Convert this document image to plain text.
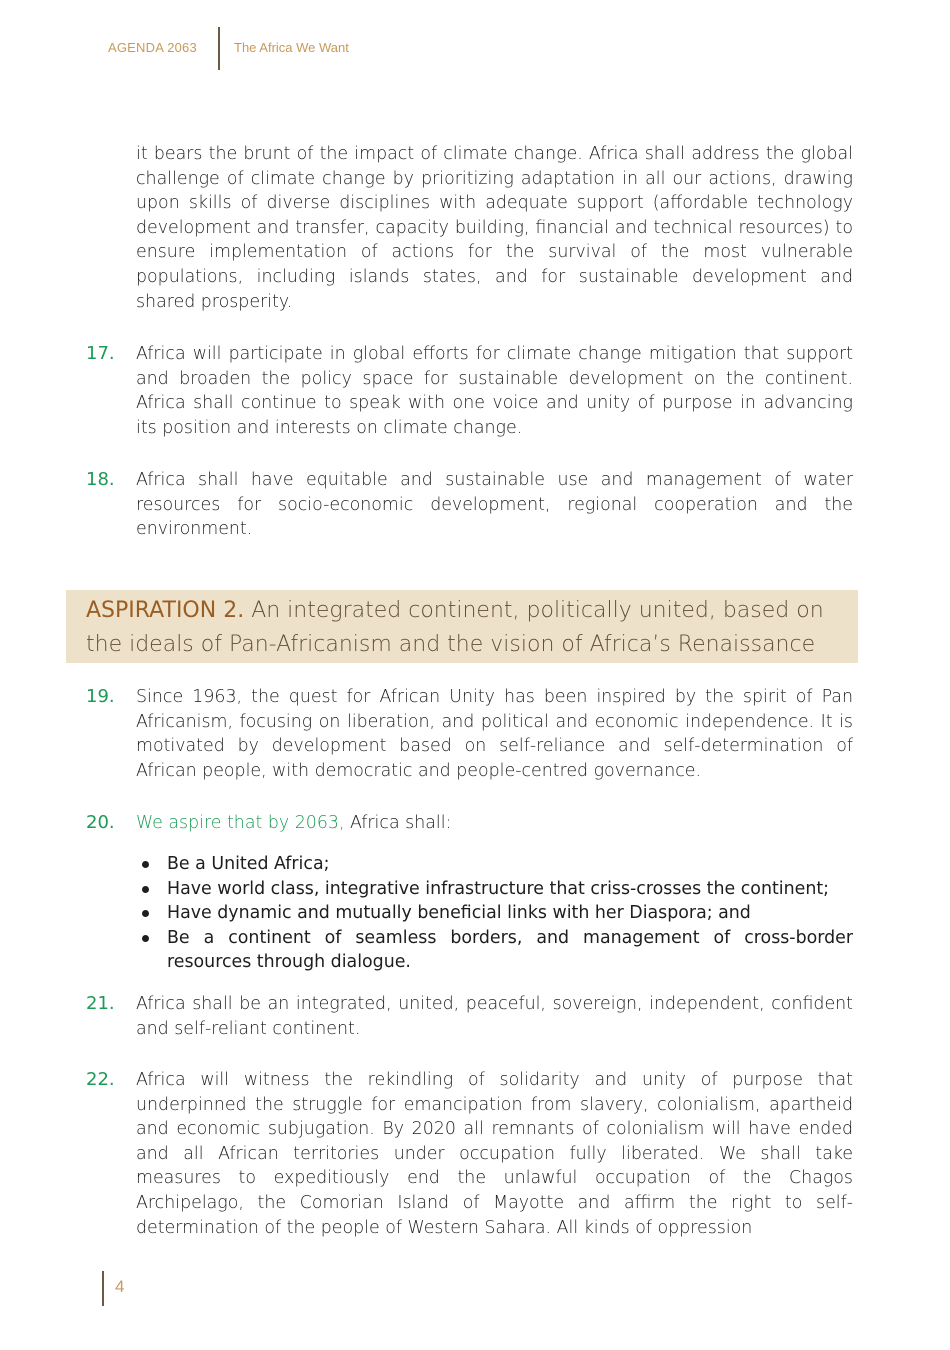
AGENDA 2063	The Africa We Want

it bears the brunt of the impact of climate change. Africa shall address the global challenge of climate change by prioritizing adaptation in all our actions, drawing upon skills of diverse disciplines with adequate support (affordable technology development and transfer, capacity building, financial and technical resources) to ensure implementation of actions for the survival of the most vulnerable populations, including islands states, and for sustainable development and shared prosperity.

17. Africa will participate in global efforts for climate change mitigation that support and broaden the policy space for sustainable development on the continent. Africa shall continue to speak with one voice and unity of purpose in advancing its position and interests on climate change.

18. Africa shall have equitable and sustainable use and management of water resources for socio-economic development, regional cooperation and the environment.

ASPIRATION 2. An integrated continent, politically united, based on the ideals of Pan-Africanism and the vision of Africa’s Renaissance

19. Since 1963, the quest for African Unity has been inspired by the spirit of Pan Africanism, focusing on liberation, and political and economic independence. It is motivated by development based on self-reliance and self-determination of African people, with democratic and people-centred governance.

20. We aspire that by 2063, Africa shall:

Be a United Africa;
Have world class, integrative infrastructure that criss-crosses the continent;
Have dynamic and mutually beneficial links with her Diaspora; and
Be a continent of seamless borders, and management of cross-border resources through dialogue.
21. Africa shall be an integrated, united, peaceful, sovereign, independent, confident and self-reliant continent.

22. Africa will witness the rekindling of solidarity and unity of purpose that underpinned the struggle for emancipation from slavery, colonialism, apartheid and economic subjugation. By 2020 all remnants of colonialism will have ended and all African territories under occupation fully liberated. We shall take measures to expeditiously end the unlawful occupation of the Chagos Archipelago, the Comorian Island of Mayotte and affirm the right to self-determination of the people of Western Sahara. All kinds of oppression

4
